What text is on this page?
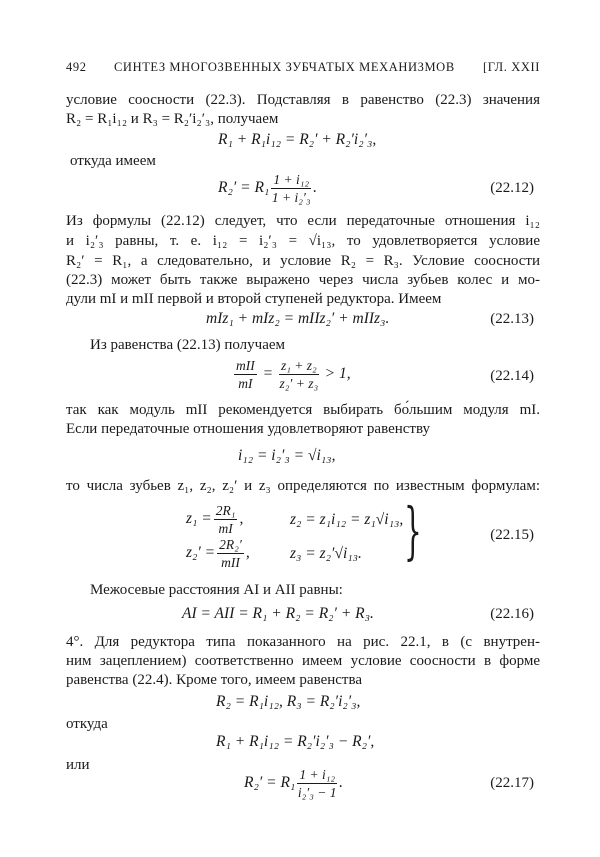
492 СИНТЕЗ МНОГОЗВЕННЫХ ЗУБЧАТЫХ МЕХАНИЗМОВ [ГЛ. XXII
условие соосности (22.3). Подставляя в равенство (22.3) значения
R₂ = R₁i₁₂ и R₃ = R₂′i₂′₃, получаем
R₁ + R₁i₁₂ = R₂′ + R₂′i₂′₃,
откуда имеем
$R_2' = R_1 \frac{\text{1 + i₁₂}}{\text{1 + i₂′₃}}$ .	(22.12)
Из формулы (22.12) следует, что если передаточные отношения i₁₂
и i₂′₃ равны, т. е. i₁₂ = i₂′₃ = √i₁₃, то удовлетворяется условие
R₂′ = R₁, а следовательно, и условие R₂ = R₃. Условие соосности
(22.3) может быть также выражено через числа зубьев колес и мо-
дули mI и mII первой и второй ступеней редуктора. Имеем
mIz₁ + mIz₂ = mIIz₂′ + mIIz₃.	(22.13)
Из равенства (22.13) получаем
$\frac{\text{mII}}{mI} = \frac{\text{z₁ + z₂}}{\text{z₂′ + z₃}} > 1$,	(22.14)
так как модуль mII рекомендуется выбирать бо́льшим модуля mI.
Если передаточные отношения удовлетворяют равенству
i₁₂ = i₂′₃ = √i₁₃,
то числа зубьев z₁, z₂, z₂′ и z₃ определяются по известным формулам:
$z_1 = \frac{\text{2R₁}}{mI}$ ,	z₂ = z₁i₁₂ = z₁√i₁₃,
$z_2' = \frac{\text{2R₂′}}{\text{mII}}$ ,	z₃ = z₂′√i₁₃. }	(22.15)
Межосевые расстояния AI и AII равны:
AI = AII = R₁ + R₂ = R₂′ + R₃.	(22.16)
4°. Для редуктора типа показанного на рис. 22.1, в (с внутрен-
ним зацеплением) соответственно имеем условие соосности в форме
равенства (22.4). Кроме того, имеем равенства
R₂ = R₁i₁₂, R₃ = R₂′i₂′₃,
откуда
R₁ + R₁i₁₂ = R₂′i₂′₃ − R₂′,
или
$R_2' = R_1 \frac{\text{1 + i₁₂}}{\text{i₂′₃ − 1}}$ .	(22.17)
